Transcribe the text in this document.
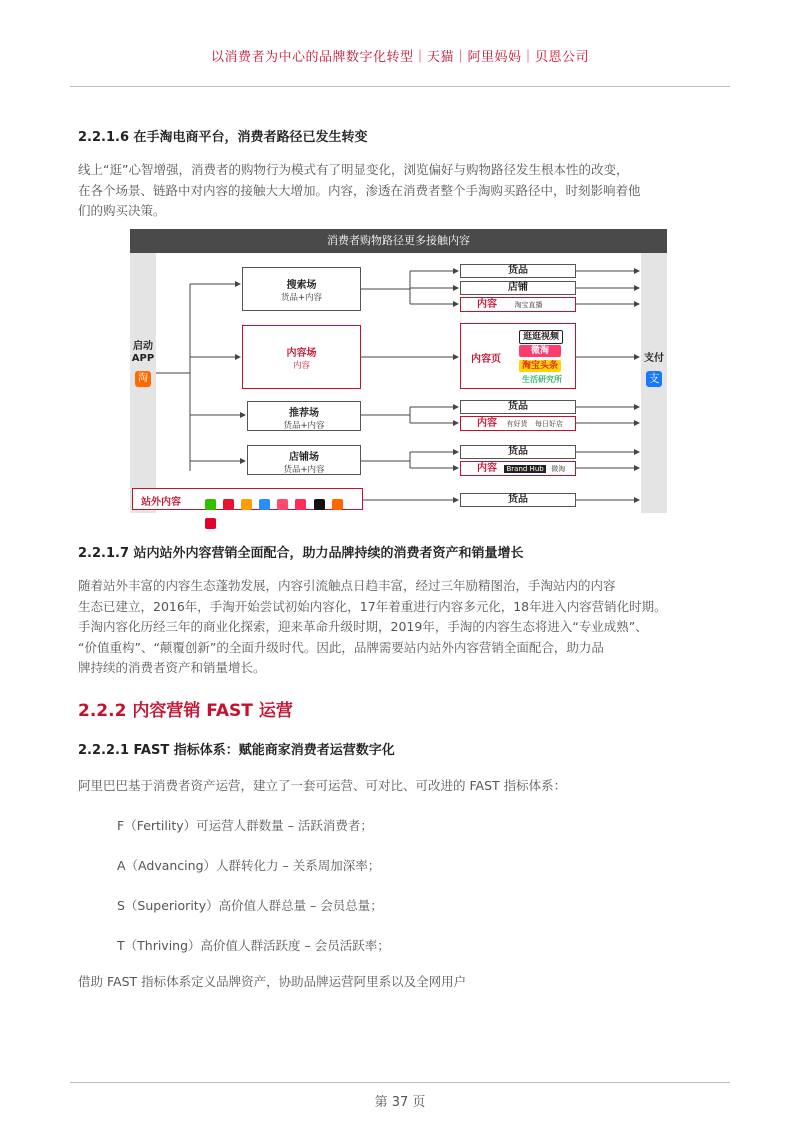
以消费者为中心的品牌数字化转型｜天猫｜阿里妈妈｜贝恩公司
2.2.1.6 在手淘电商平台，消费者路径已发生转变
线上“逛”心智增强，消费者的购物行为模式有了明显变化，浏览偏好与购物路径发生根本性的改变，
在各个场景、链路中对内容的接触大大增加。内容，渗透在消费者整个手淘购买路径中，时刻影响着他
们的购买决策。
消费者购物路径更多接触内容
启动
APP
淘
支付
支
搜索场
货品+内容
内容场
内容
推荐场
货品+内容
店铺场
货品+内容
站外内容

货品
店铺
内容 淘宝直播
内容页
逛逛视频
微淘
淘宝头条
生活研究所
货品
内容 有好货 每日好店
货品
内容 Brand Hub 微淘
货品
2.2.1.7 站内站外内容营销全面配合，助力品牌持续的消费者资产和销量增长
随着站外丰富的内容生态蓬勃发展，内容引流触点日趋丰富，经过三年励精图治，手淘站内的内容
生态已建立，2016年，手淘开始尝试初始内容化，17年着重进行内容多元化，18年进入内容营销化时期。
手淘内容化历经三年的商业化探索，迎来革命升级时期，2019年，手淘的内容生态将进入“专业成熟”、
“价值重构”、“颠覆创新”的全面升级时代。因此，品牌需要站内站外内容营销全面配合，助力品
牌持续的消费者资产和销量增长。
2.2.2 内容营销 FAST 运营
2.2.2.1 FAST 指标体系：赋能商家消费者运营数字化
阿里巴巴基于消费者资产运营，建立了一套可运营、可对比、可改进的 FAST 指标体系：
F（Fertility）可运营人群数量 – 活跃消费者；
A（Advancing）人群转化力 – 关系周加深率；
S（Superiority）高价值人群总量 – 会员总量；
T（Thriving）高价值人群活跃度 – 会员活跃率；
借助 FAST 指标体系定义品牌资产，协助品牌运营阿里系以及全网用户
第 37 页
